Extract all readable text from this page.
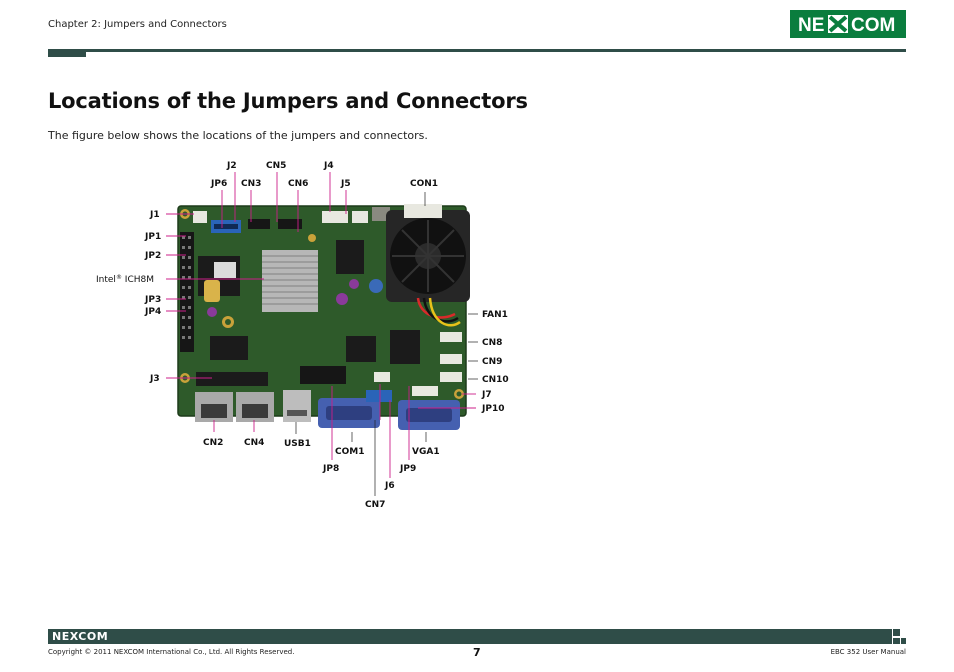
Chapter 2: Jumpers and Connectors	NE COM
Locations of the Jumpers and Connectors
The figure below shows the locations of the jumpers and connectors.
J2	CN5	J4
JP6 CN3	CN6	J5	CON1
J1
JP1
JP2
Intel® ICH8M
JP3
JP4
J3
FAN1
CN8
CN9
CN10
J7
JP10
CN2 CN4 USB1
COM1	VGA1
JP8	JP9
J6
CN7
NEXCOM
Copyright © 2011 NEXCOM International Co., Ltd. All Rights Reserved.	7	EBC 352 User Manual
